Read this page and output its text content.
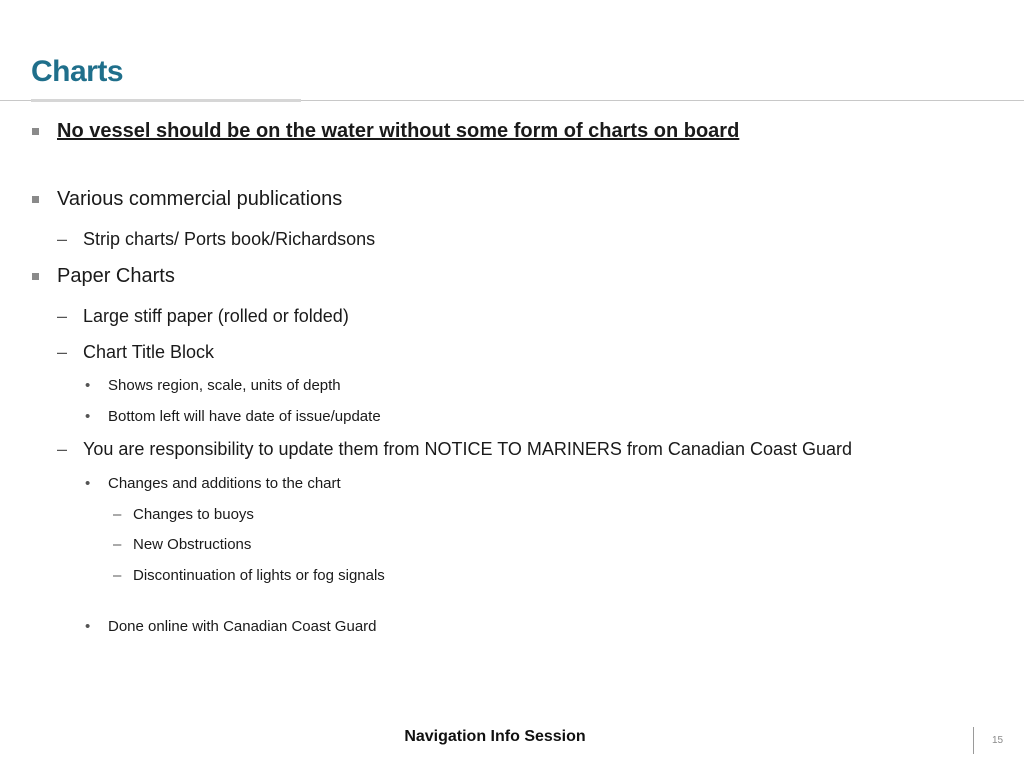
Charts
No vessel should be on the water without some form of charts on board
Various commercial publications
– Strip charts/ Ports book/Richardsons
Paper Charts
– Large stiff paper (rolled or folded)
– Chart Title Block
• Shows region, scale, units of depth
• Bottom left will have date of issue/update
– You are responsibility to update them from NOTICE TO MARINERS from Canadian Coast Guard
• Changes and additions to the chart
– Changes to buoys
– New Obstructions
– Discontinuation of lights or fog signals
• Done online with Canadian Coast Guard
Navigation Info Session	15
